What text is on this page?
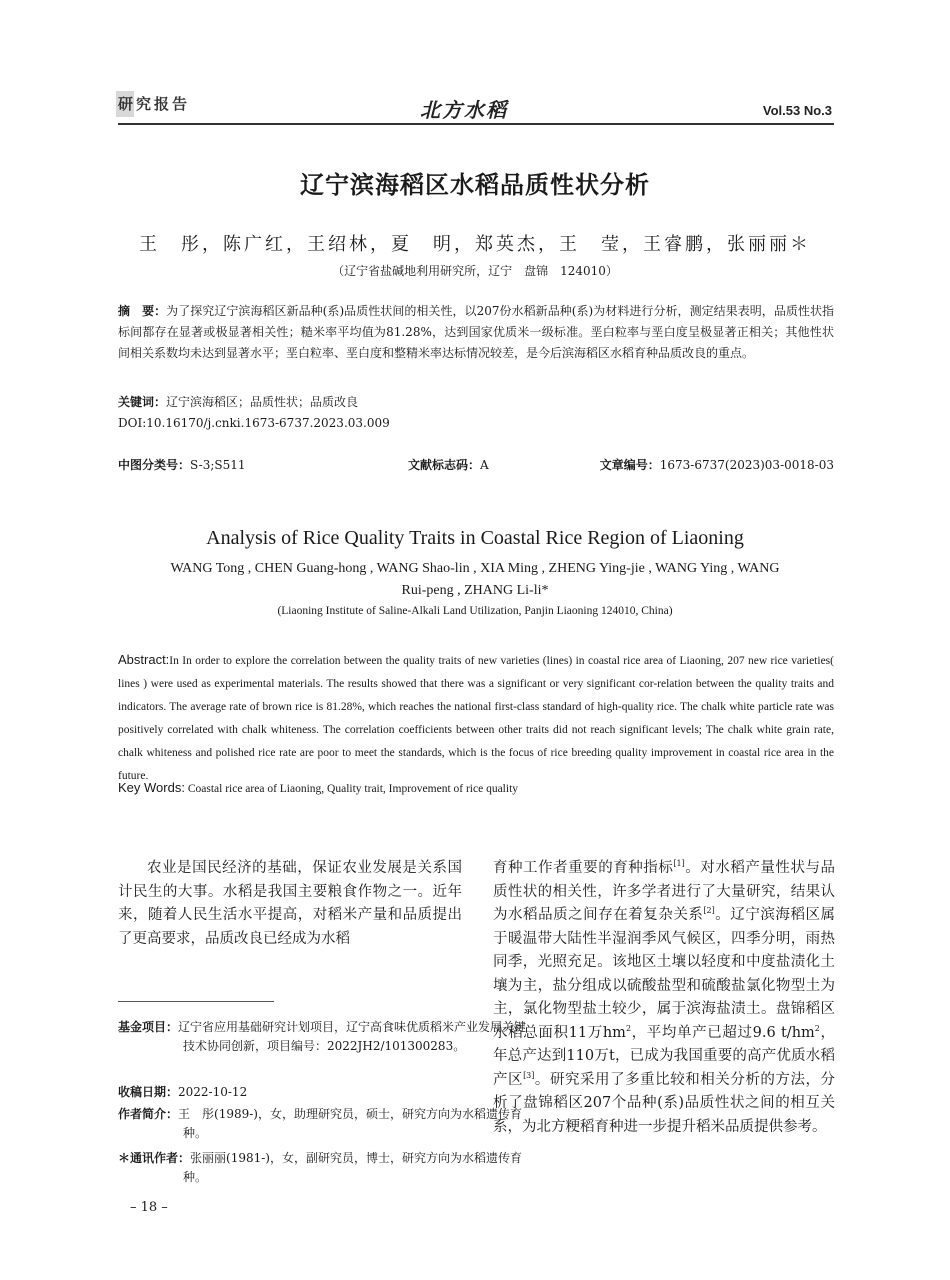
研究报告	北方水稻	Vol.53 No.3
辽宁滨海稻区水稻品质性状分析
王　彤，陈广红，王绍林，夏　明，郑英杰，王　莹，王睿鹏，张丽丽＊
（辽宁省盐碱地利用研究所，辽宁　盘锦　124010）
摘　要：为了探究辽宁滨海稻区新品种(系)品质性状间的相关性，以207份水稻新品种(系)为材料进行分析，测定结果表明，品质性状指标间都存在显著或极显著相关性；糙米率平均值为81.28%，达到国家优质米一级标准。垩白粒率与垩白度呈极显著正相关；其他性状间相关系数均未达到显著水平；垩白粒率、垩白度和整精米率达标情况较差，是今后滨海稻区水稻育种品质改良的重点。
关键词：辽宁滨海稻区；品质性状；品质改良
DOI:10.16170/j.cnki.1673-6737.2023.03.009
中图分类号：S-3;S511	文献标志码：A	文章编号：1673-6737(2023)03-0018-03
Analysis of Rice Quality Traits in Coastal Rice Region of Liaoning
WANG Tong , CHEN Guang-hong , WANG Shao-lin , XIA Ming , ZHENG Ying-jie , WANG Ying , WANG Rui-peng , ZHANG Li-li*
(Liaoning Institute of Saline-Alkali Land Utilization, Panjin Liaoning 124010, China)
Abstract:In In order to explore the correlation between the quality traits of new varieties (lines) in coastal rice area of Liaoning, 207 new rice varieties( lines ) were used as experimental materials. The results showed that there was a significant or very significant cor-relation between the quality traits and indicators. The average rate of brown rice is 81.28%, which reaches the national first-class standard of high-quality rice. The chalk white particle rate was positively correlated with chalk whiteness. The correlation coefficients between other traits did not reach significant levels; The chalk white grain rate, chalk whiteness and polished rice rate are poor to meet the standards, which is the focus of rice breeding quality improvement in coastal rice area in the future.
Key Words: Coastal rice area of Liaoning, Quality trait, Improvement of rice quality
农业是国民经济的基础，保证农业发展是关系国计民生的大事。水稻是我国主要粮食作物之一。近年来，随着人民生活水平提高，对稻米产量和品质提出了更高要求，品质改良已经成为水稻
育种工作者重要的育种指标[1]。对水稻产量性状与品质性状的相关性，许多学者进行了大量研究，结果认为水稻品质之间存在着复杂关系[2]。辽宁滨海稻区属于暖温带大陆性半湿润季风气候区，四季分明，雨热同季，光照充足。该地区土壤以轻度和中度盐渍化土壤为主，盐分组成以硫酸盐型和硫酸盐氯化物型土为主，氯化物型盐土较少，属于滨海盐渍土。盘锦稻区水稻总面积11万$hm^2$，平均单产已超过9.6 $t/hm^2$，年总产达到110万t，已成为我国重要的高产优质水稻产区[3]。研究采用了多重比较和相关分析的方法，分析了盘锦稻区207个品种(系)品质性状之间的相互关系，为北方粳稻育种进一步提升稻米品质提供参考。
基金项目：辽宁省应用基础研究计划项目，辽宁高食味优质稻米产业发展关键技术协同创新，项目编号：2022JH2/101300283。
收稿日期：2022-10-12
作者简介：王　彤(1989-)，女，助理研究员，硕士，研究方向为水稻遗传育种。
＊通讯作者：张丽丽(1981-)，女，副研究员，博士，研究方向为水稻遗传育种。
– 18 –
